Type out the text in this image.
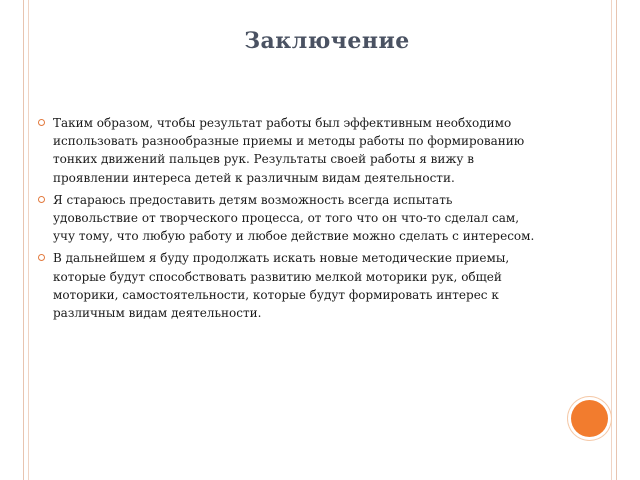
Заключение
Таким образом, чтобы результат работы был эффективным необходимо использовать разнообразные приемы и методы работы по формированию тонких движений пальцев рук. Результаты своей работы я вижу в проявлении интереса детей к различным видам деятельности.
Я стараюсь предоставить детям возможность всегда испытать удовольствие от творческого процесса, от того что он что-то сделал сам, учу тому, что любую работу и любое действие можно сделать с интересом.
В дальнейшем я буду продолжать искать новые методические приемы, которые будут способствовать развитию мелкой моторики рук, общей моторики, самостоятельности, которые будут формировать интерес к различным видам деятельности.
